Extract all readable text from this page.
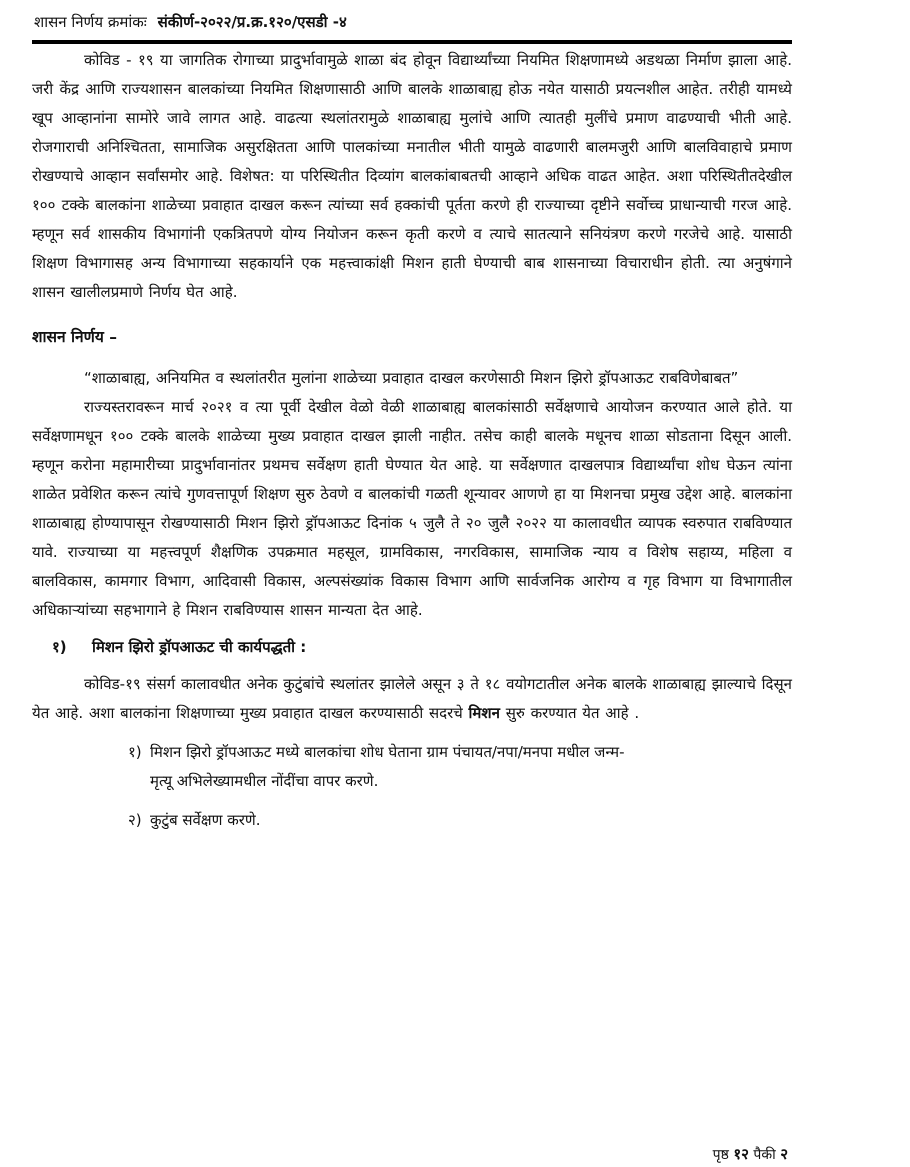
शासन निर्णय क्रमांकः संकीर्ण-२०२२/प्र.क्र.१२०/एसडी -४

कोविड - १९ या जागतिक रोगाच्या प्रादुर्भावामुळे शाळा बंद होवून विद्यार्थ्यांच्या नियमित शिक्षणामध्ये अडथळा निर्माण झाला आहे. जरी केंद्र आणि राज्यशासन बालकांच्या नियमित शिक्षणासाठी आणि बालके शाळाबाह्य होऊ नयेत यासाठी प्रयत्नशील आहेत. तरीही यामध्ये खूप आव्हानांना सामोरे जावे लागत आहे. वाढत्या स्थलांतरामुळे शाळाबाह्य मुलांचे आणि त्यातही मुलींचे प्रमाण वाढण्याची भीती आहे. रोजगाराची अनिश्चितता, सामाजिक असुरक्षितता आणि पालकांच्या मनातील भीती यामुळे वाढणारी बालमजुरी आणि बालविवाहाचे प्रमाण रोखण्याचे आव्हान सर्वांसमोर आहे. विशेषत: या परिस्थितीत दिव्यांग बालकांबाबतची आव्हाने अधिक वाढत आहेत. अशा परिस्थितीतदेखील १०० टक्के बालकांना शाळेच्या प्रवाहात दाखल करून त्यांच्या सर्व हक्कांची पूर्तता करणे ही राज्याच्या दृष्टीने सर्वोच्च प्राधान्याची गरज आहे. म्हणून सर्व शासकीय विभागांनी एकत्रितपणे योग्य नियोजन करून कृती करणे व त्याचे सातत्याने सनियंत्रण करणे गरजेचे आहे. यासाठी शिक्षण विभागासह अन्य विभागाच्या सहकार्याने एक महत्त्वाकांक्षी मिशन हाती घेण्याची बाब शासनाच्या विचाराधीन होती. त्या अनुषंगाने शासन खालीलप्रमाणे निर्णय घेत आहे.

शासन निर्णय –

“शाळाबाह्य, अनियमित व स्थलांतरीत मुलांना शाळेच्या प्रवाहात दाखल करणेसाठी मिशन झिरो ड्रॉपआऊट राबविणेबाबत”

राज्यस्तरावरून मार्च २०२१ व त्या पूर्वी देखील वेळो वेळी शाळाबाह्य बालकांसाठी सर्वेक्षणाचे आयोजन करण्यात आले होते. या सर्वेक्षणामधून १०० टक्के बालके शाळेच्या मुख्य प्रवाहात दाखल झाली नाहीत. तसेच काही बालके मधूनच शाळा सोडताना दिसून आली. म्हणून करोना महामारीच्या प्रादुर्भावानांतर प्रथमच सर्वेक्षण हाती घेण्यात येत आहे. या सर्वेक्षणात दाखलपात्र विद्यार्थ्यांचा शोध घेऊन त्यांना शाळेत प्रवेशित करून त्यांचे गुणवत्तापूर्ण शिक्षण सुरु ठेवणे व बालकांची गळती शून्यावर आणणे हा या मिशनचा प्रमुख उद्देश आहे. बालकांना शाळाबाह्य होण्यापासून रोखण्यासाठी मिशन झिरो ड्रॉपआऊट दिनांक ५ जुलै ते २० जुलै २०२२ या कालावधीत व्यापक स्वरुपात राबविण्यात यावे. राज्याच्या या महत्त्वपूर्ण शैक्षणिक उपक्रमात महसूल, ग्रामविकास, नगरविकास, सामाजिक न्याय व विशेष सहाय्य, महिला व बालविकास, कामगार विभाग, आदिवासी विकास, अल्पसंख्यांक विकास विभाग आणि सार्वजनिक आरोग्य व गृह विभाग या विभागातील अधिकाऱ्यांच्या सहभागाने हे मिशन राबविण्यास शासन मान्यता देत आहे.

१) मिशन झिरो ड्रॉपआऊट ची कार्यपद्धती :

कोविड-१९ संसर्ग कालावधीत अनेक कुटुंबांचे स्थलांतर झालेले असून ३ ते १८ वयोगटातील अनेक बालके शाळाबाह्य झाल्याचे दिसून येत आहे. अशा बालकांना शिक्षणाच्या मुख्य प्रवाहात दाखल करण्यासाठी सदरचे मिशन सुरु करण्यात येत आहे .

१) मिशन झिरो ड्रॉपआऊट मध्ये बालकांचा शोध घेताना ग्राम पंचायत/नपा/मनपा मधील जन्म-
मृत्यू अभिलेख्यामधील नोंदींचा वापर करणे.
२) कुटुंब सर्वेक्षण करणे.
पृष्ठ १२ पैकी २
